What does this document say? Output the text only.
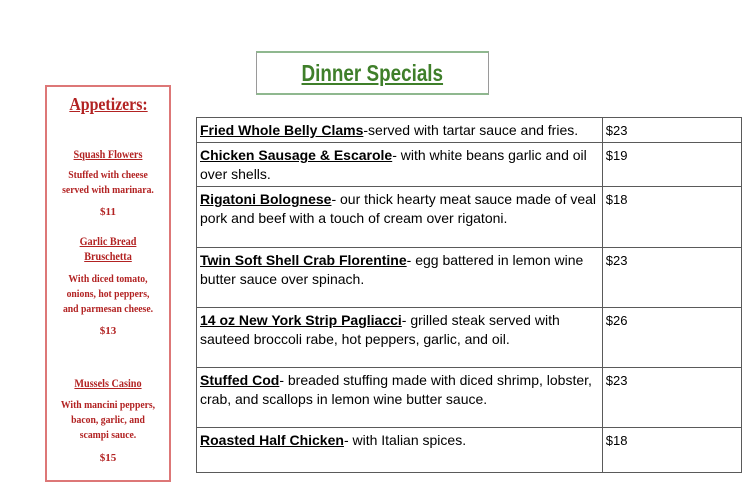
Dinner Specials
Appetizers:
Squash Flowers
Stuffed with cheese
served with marinara.
$11
Garlic Bread
Bruschetta
With diced tomato,
onions, hot peppers,
and parmesan cheese.
$13
Mussels Casino
With mancini peppers,
bacon, garlic, and
scampi sauce.
$15
Fried Whole Belly Clams-served with tartar sauce and fries.	$23
Chicken Sausage & Escarole- with white beans garlic and oil over shells.	$19
Rigatoni Bolognese- our thick hearty meat sauce made of veal pork and beef with a touch of cream over rigatoni.	$18
Twin Soft Shell Crab Florentine- egg battered in lemon wine butter sauce over spinach.	$23
14 oz New York Strip Pagliacci- grilled steak served with sauteed broccoli rabe, hot peppers, garlic, and oil.	$26
Stuffed Cod- breaded stuffing made with diced shrimp, lobster, crab, and scallops in lemon wine butter sauce.	$23
Roasted Half Chicken- with Italian spices.	$18
